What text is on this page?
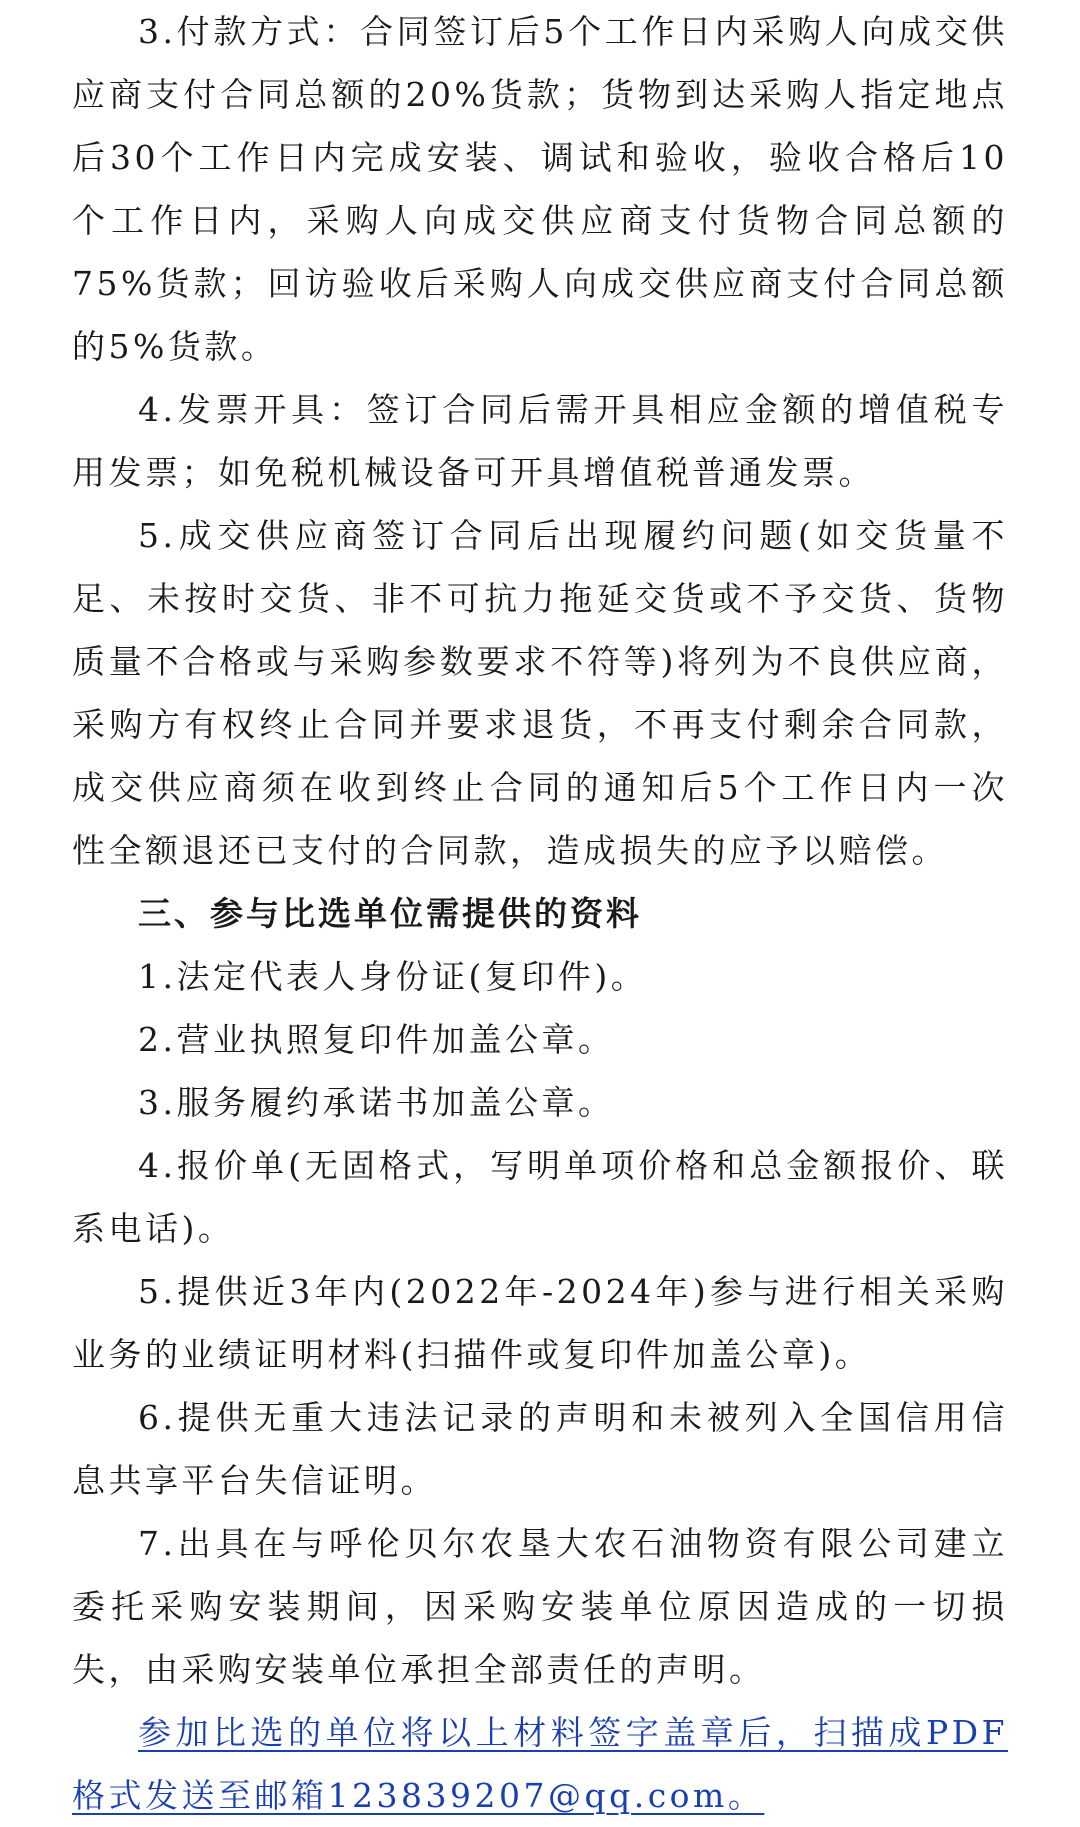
3.付款方式：合同签订后5个工作日内采购人向成交供应商支付合同总额的20%货款；货物到达采购人指定地点后30个工作日内完成安装、调试和验收，验收合格后10个工作日内，采购人向成交供应商支付货物合同总额的75%货款；回访验收后采购人向成交供应商支付合同总额的5%货款。

4.发票开具：签订合同后需开具相应金额的增值税专用发票；如免税机械设备可开具增值税普通发票。

5.成交供应商签订合同后出现履约问题(如交货量不足、未按时交货、非不可抗力拖延交货或不予交货、货物质量不合格或与采购参数要求不符等)将列为不良供应商，采购方有权终止合同并要求退货，不再支付剩余合同款，成交供应商须在收到终止合同的通知后5个工作日内一次性全额退还已支付的合同款，造成损失的应予以赔偿。

三、参与比选单位需提供的资料

1.法定代表人身份证(复印件)。

2.营业执照复印件加盖公章。

3.服务履约承诺书加盖公章。

4.报价单(无固格式，写明单项价格和总金额报价、联系电话)。

5.提供近3年内(2022年-2024年)参与进行相关采购业务的业绩证明材料(扫描件或复印件加盖公章)。

6.提供无重大违法记录的声明和未被列入全国信用信息共享平台失信证明。

7.出具在与呼伦贝尔农垦大农石油物资有限公司建立委托采购安装期间，因采购安装单位原因造成的一切损失，由采购安装单位承担全部责任的声明。

参加比选的单位将以上材料签字盖章后，扫描成PDF格式发送至邮箱123839207@qq.com。
